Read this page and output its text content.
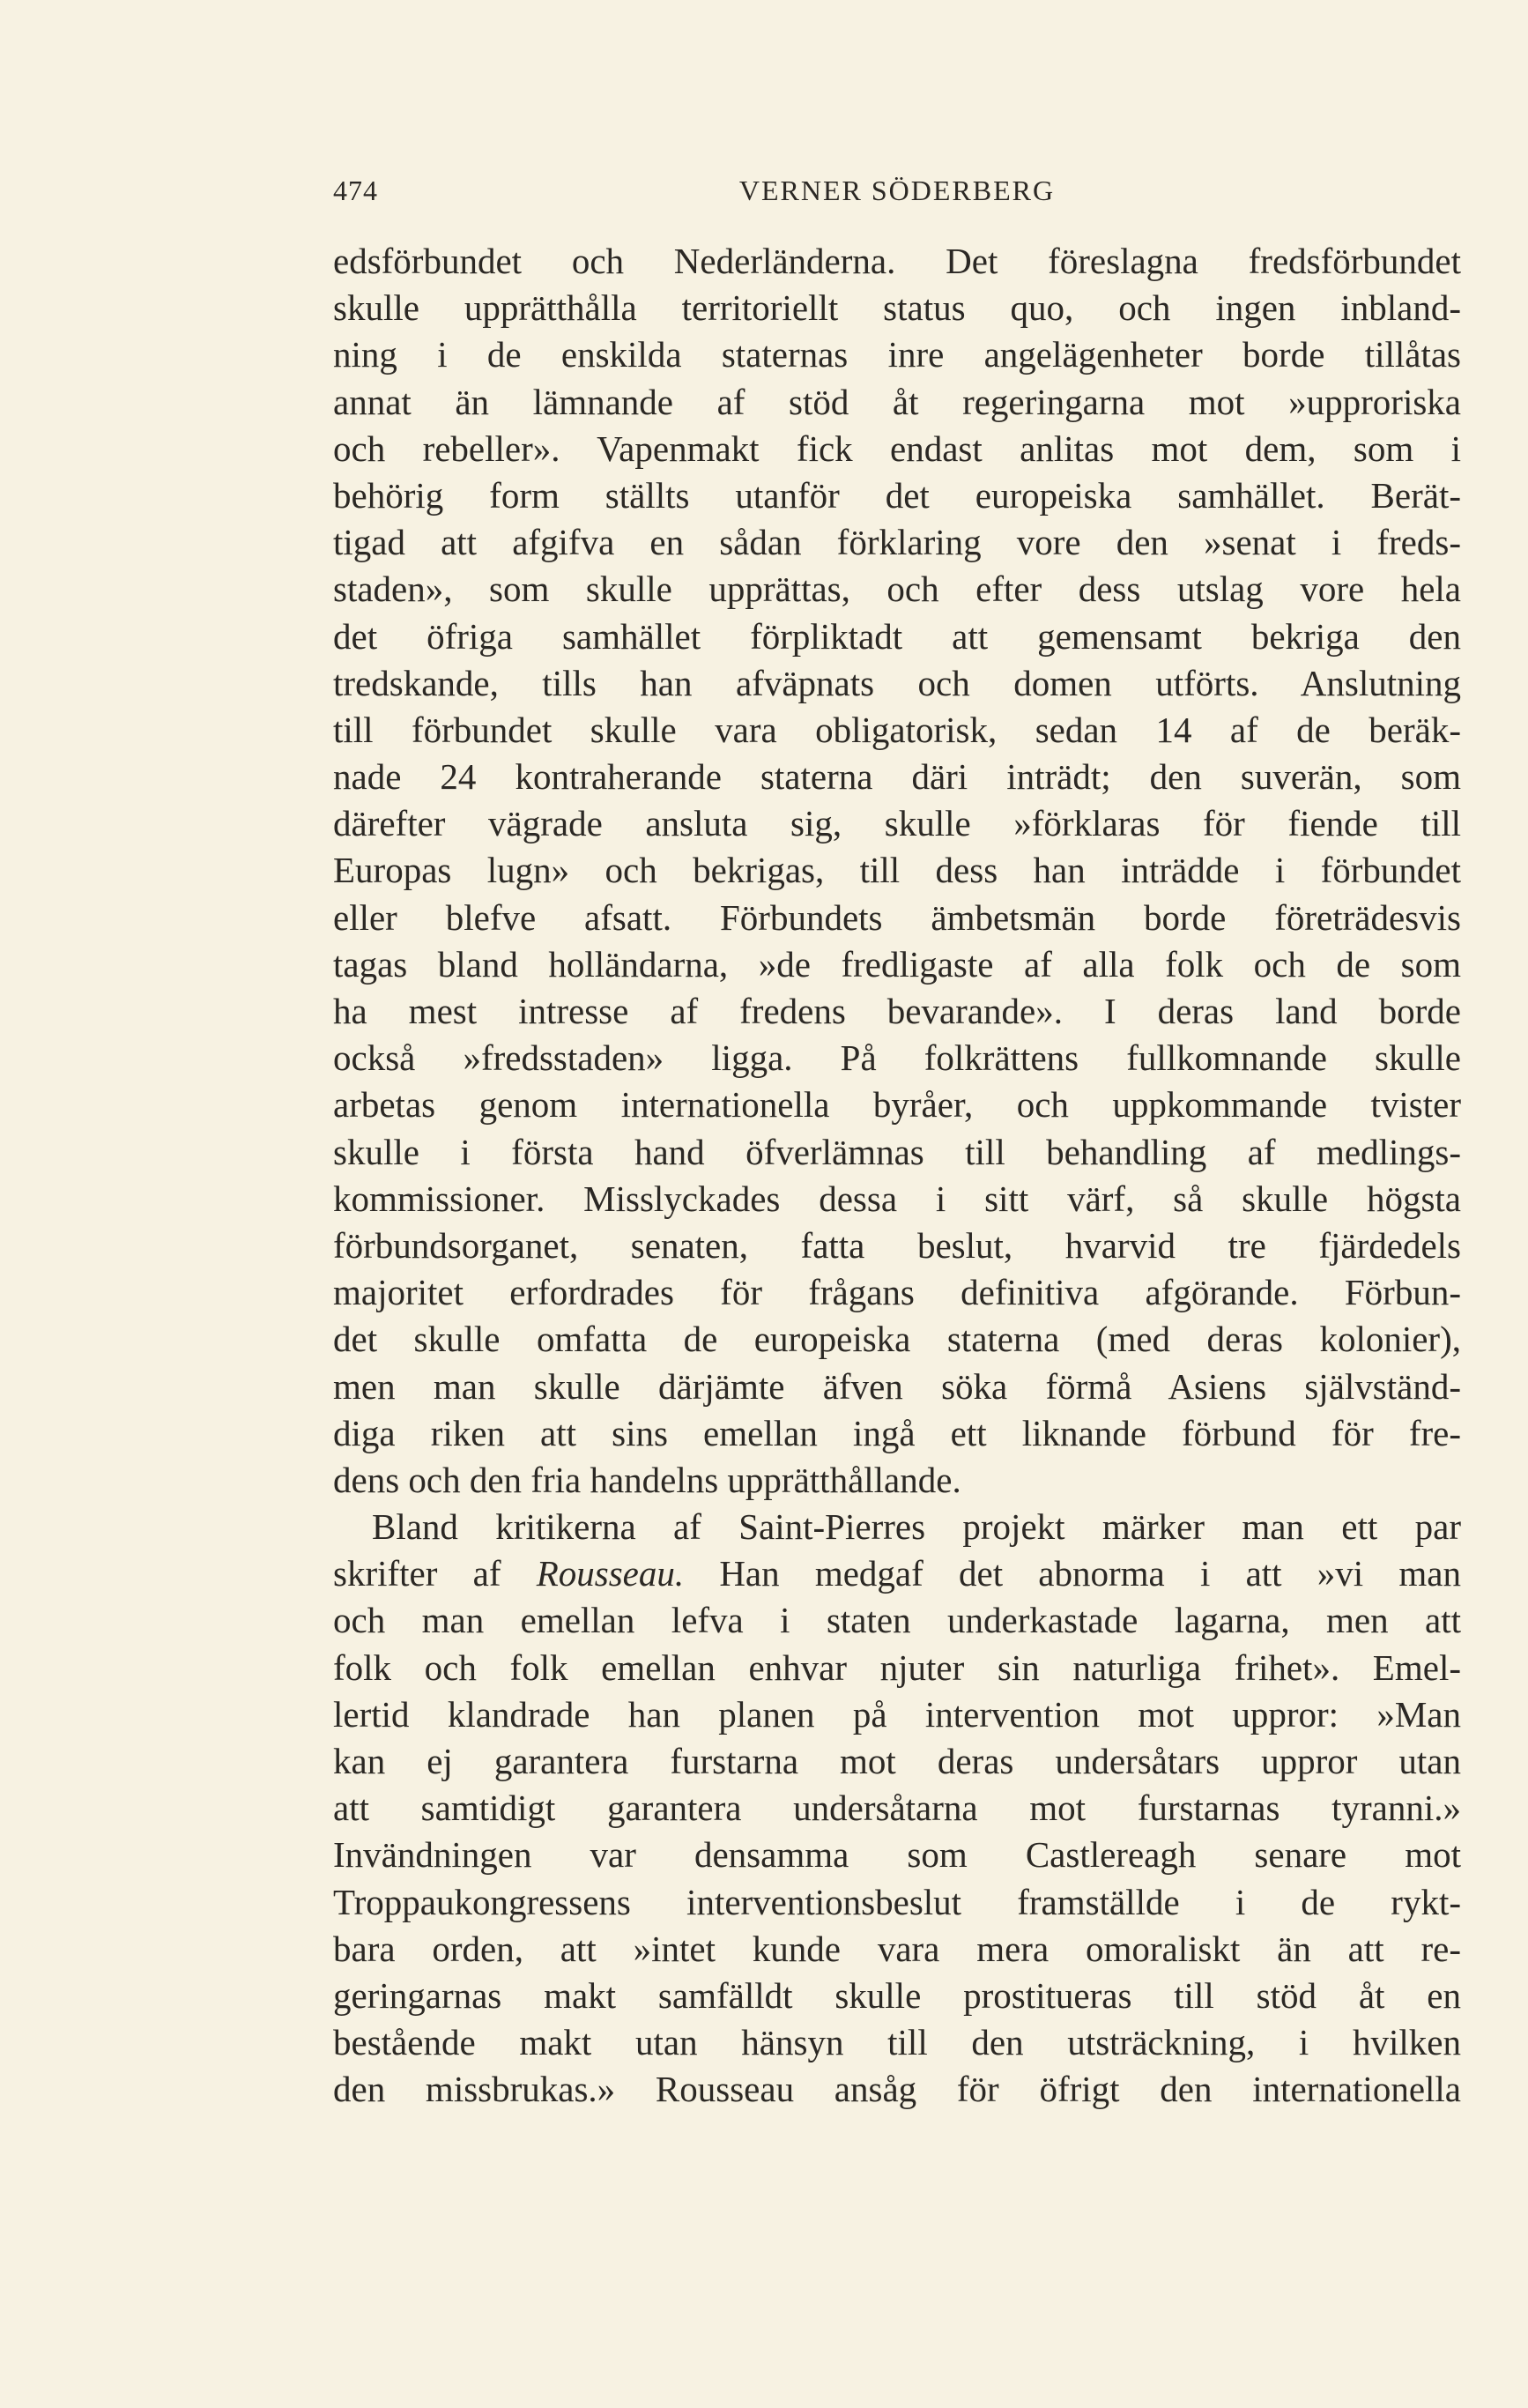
474	VERNER SÖDERBERG
edsförbundet och Nederländerna. Det föreslagna fredsförbundet
skulle upprätthålla territoriellt status quo, och ingen inbland-
ning i de enskilda staternas inre angelägenheter borde tillåtas
annat än lämnande af stöd åt regeringarna mot »upproriska
och rebeller». Vapenmakt fick endast anlitas mot dem, som i
behörig form ställts utanför det europeiska samhället. Berät-
tigad att afgifva en sådan förklaring vore den »senat i freds-
staden», som skulle upprättas, och efter dess utslag vore hela
det öfriga samhället förpliktadt att gemensamt bekriga den
tredskande, tills han afväpnats och domen utförts. Anslutning
till förbundet skulle vara obligatorisk, sedan 14 af de beräk-
nade 24 kontraherande staterna däri inträdt; den suverän, som
därefter vägrade ansluta sig, skulle »förklaras för fiende till
Europas lugn» och bekrigas, till dess han inträdde i förbundet
eller blefve afsatt. Förbundets ämbetsmän borde företrädesvis
tagas bland holländarna, »de fredligaste af alla folk och de som
ha mest intresse af fredens bevarande». I deras land borde
också »fredsstaden» ligga. På folkrättens fullkomnande skulle
arbetas genom internationella byråer, och uppkommande tvister
skulle i första hand öfverlämnas till behandling af medlings-
kommissioner. Misslyckades dessa i sitt värf, så skulle högsta
förbundsorganet, senaten, fatta beslut, hvarvid tre fjärdedels
majoritet erfordrades för frågans definitiva afgörande. Förbun-
det skulle omfatta de europeiska staterna (med deras kolonier),
men man skulle därjämte äfven söka förmå Asiens självständ-
diga riken att sins emellan ingå ett liknande förbund för fre-
dens och den fria handelns upprätthållande.
Bland kritikerna af Saint-Pierres projekt märker man ett par
skrifter af Rousseau. Han medgaf det abnorma i att »vi man
och man emellan lefva i staten underkastade lagarna, men att
folk och folk emellan enhvar njuter sin naturliga frihet». Emel-
lertid klandrade han planen på intervention mot uppror: »Man
kan ej garantera furstarna mot deras undersåtars uppror utan
att samtidigt garantera undersåtarna mot furstarnas tyranni.»
Invändningen var densamma som Castlereagh senare mot
Troppaukongressens interventionsbeslut framställde i de rykt-
bara orden, att »intet kunde vara mera omoraliskt än att re-
geringarnas makt samfälldt skulle prostitueras till stöd åt en
bestående makt utan hänsyn till den utsträckning, i hvilken
den missbrukas.» Rousseau ansåg för öfrigt den internationella
